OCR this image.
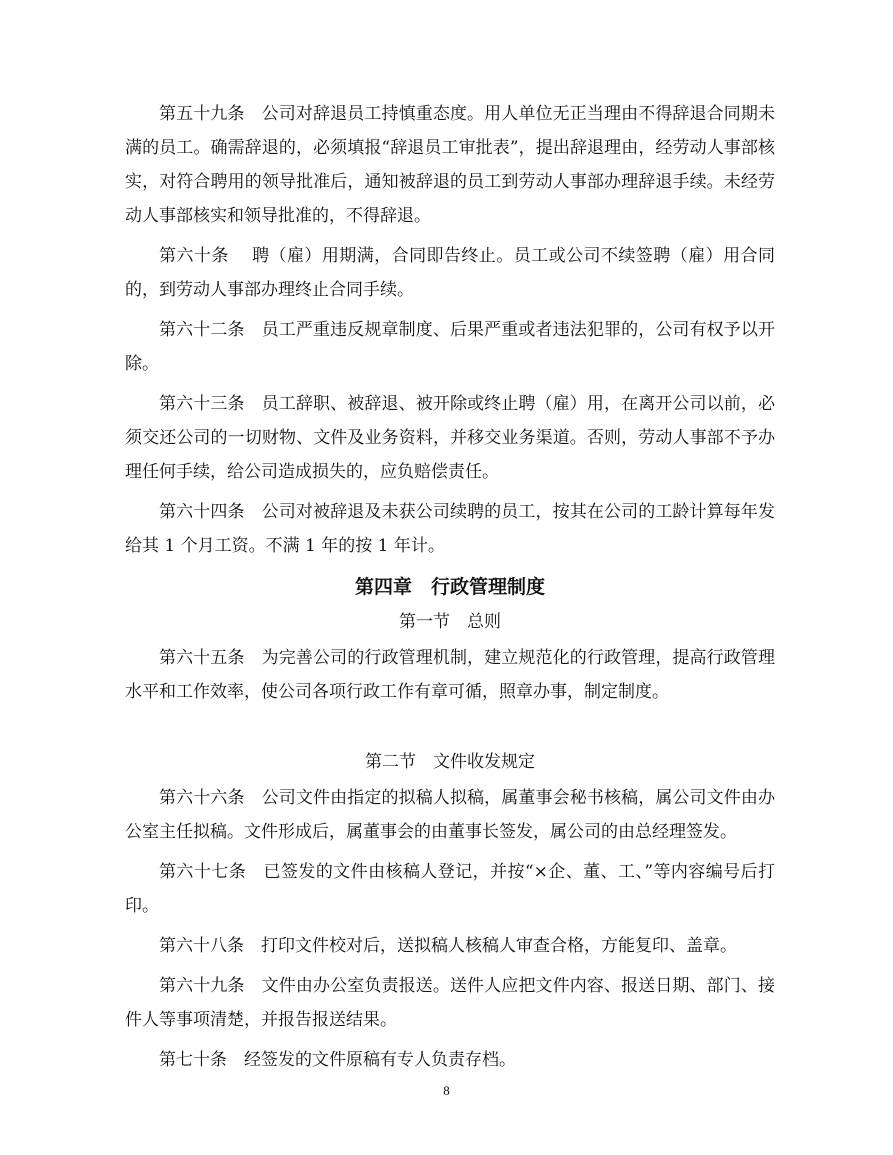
第五十九条　公司对辞退员工持慎重态度。用人单位无正当理由不得辞退合同期未满的员工。确需辞退的，必须填报“辞退员工审批表”，提出辞退理由，经劳动人事部核实，对符合聘用的领导批准后，通知被辞退的员工到劳动人事部办理辞退手续。未经劳动人事部核实和领导批准的，不得辞退。

第六十条　 聘（雇）用期满，合同即告终止。员工或公司不续签聘（雇）用合同的，到劳动人事部办理终止合同手续。

第六十二条　员工严重违反规章制度、后果严重或者违法犯罪的，公司有权予以开除。

第六十三条　员工辞职、被辞退、被开除或终止聘（雇）用，在离开公司以前，必须交还公司的一切财物、文件及业务资料，并移交业务渠道。否则，劳动人事部不予办理任何手续，给公司造成损失的，应负赔偿责任。

第六十四条　公司对被辞退及未获公司续聘的员工，按其在公司的工龄计算每年发给其 1 个月工资。不满 1 年的按 1 年计。

第四章　行政管理制度
第一节　总则

第六十五条　为完善公司的行政管理机制，建立规范化的行政管理，提高行政管理水平和工作效率，使公司各项行政工作有章可循，照章办事，制定制度。

第二节　文件收发规定

第六十六条　公司文件由指定的拟稿人拟稿，属董事会秘书核稿，属公司文件由办公室主任拟稿。文件形成后，属董事会的由董事长签发，属公司的由总经理签发。

第六十七条　已签发的文件由核稿人登记，并按“×企、董、工、”等内容编号后打印。

第六十八条　打印文件校对后，送拟稿人核稿人审查合格，方能复印、盖章。

第六十九条　文件由办公室负责报送。送件人应把文件内容、报送日期、部门、接件人等事项清楚，并报告报送结果。

第七十条　经签发的文件原稿有专人负责存档。

8
